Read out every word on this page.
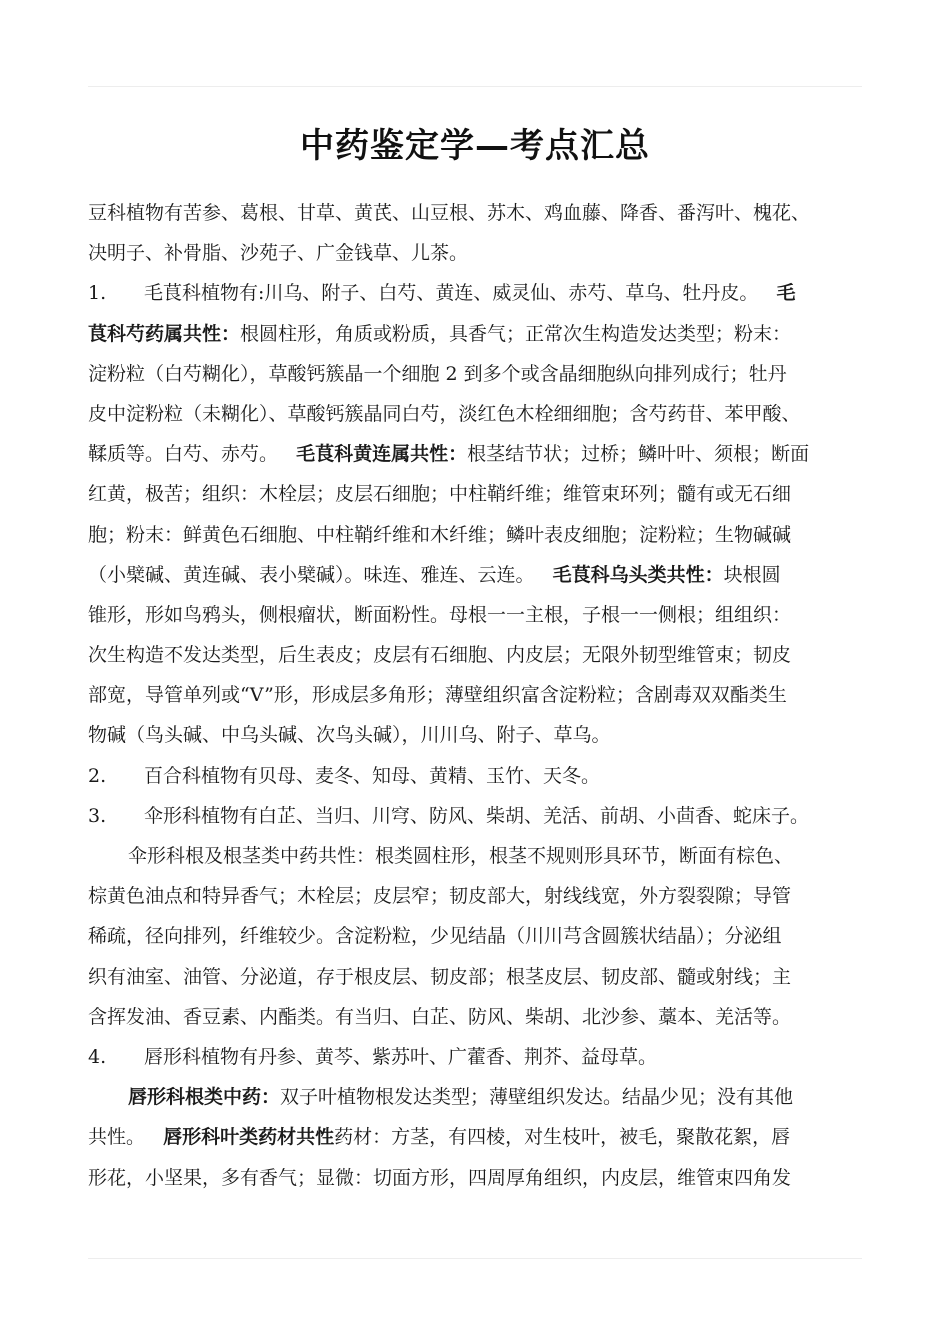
中药鉴定学—考点汇总
豆科植物有苦参、葛根、甘草、黄芪、山豆根、苏木、鸡血藤、降香、番泻叶、槐花、
决明子、补骨脂、沙苑子、广金钱草、儿茶。
1. 毛茛科植物有:川乌、附子、白芍、黄连、威灵仙、赤芍、草乌、牡丹皮。 毛
茛科芍药属共性：根圆柱形，角质或粉质，具香气；正常次生构造发达类型；粉末：
淀粉粒（白芍糊化），草酸钙簇晶一个细胞 2 到多个或含晶细胞纵向排列成行；牡丹
皮中淀粉粒（未糊化）、草酸钙簇晶同白芍，淡红色木栓细细胞；含芍药苷、苯甲酸、
鞣质等。白芍、赤芍。 毛茛科黄连属共性：根茎结节状；过桥；鳞叶叶、须根；断面
红黄，极苦；组织：木栓层；皮层石细胞；中柱鞘纤维；维管束环列；髓有或无石细
胞；粉末：鲜黄色石细胞、中柱鞘纤维和木纤维；鳞叶表皮细胞；淀粉粒；生物碱碱
（小檗碱、黄连碱、表小檗碱）。味连、雅连、云连。 毛茛科乌头类共性：块根圆
锥形，形如鸟鸦头，侧根瘤状，断面粉性。母根一一主根，子根一一侧根；组组织：
次生构造不发达类型，后生表皮；皮层有石细胞、内皮层；无限外韧型维管束；韧皮
部宽，导管单列或“V”形，形成层多角形；薄壁组织富含淀粉粒；含剧毒双双酯类生
物碱（鸟头碱、中乌头碱、次鸟头碱），川川乌、附子、草乌。
2. 百合科植物有贝母、麦冬、知母、黄精、玉竹、天冬。
3. 伞形科植物有白芷、当归、川穹、防风、柴胡、羌活、前胡、小茴香、蛇床子。
伞形科根及根茎类中药共性：根类圆柱形，根茎不规则形具环节，断面有棕色、
棕黄色油点和特异香气；木栓层；皮层窄；韧皮部大，射线线宽，外方裂裂隙；导管
稀疏，径向排列，纤维较少。含淀粉粒，少见结晶（川川芎含圆簇状结晶）；分泌组
织有油室、油管、分泌道，存于根皮层、韧皮部；根茎皮层、韧皮部、髓或射线；主
含挥发油、香豆素、内酯类。有当归、白芷、防风、柴胡、北沙参、藁本、羌活等。
4. 唇形科植物有丹参、黄芩、紫苏叶、广藿香、荆芥、益母草。
唇形科根类中药：双子叶植物根发达类型；薄壁组织发达。结晶少见；没有其他
共性。 唇形科叶类药材共性药材：方茎，有四棱，对生枝叶，被毛，聚散花絮，唇
形花，小坚果，多有香气；显微：切面方形，四周厚角组织，内皮层，维管束四角发
